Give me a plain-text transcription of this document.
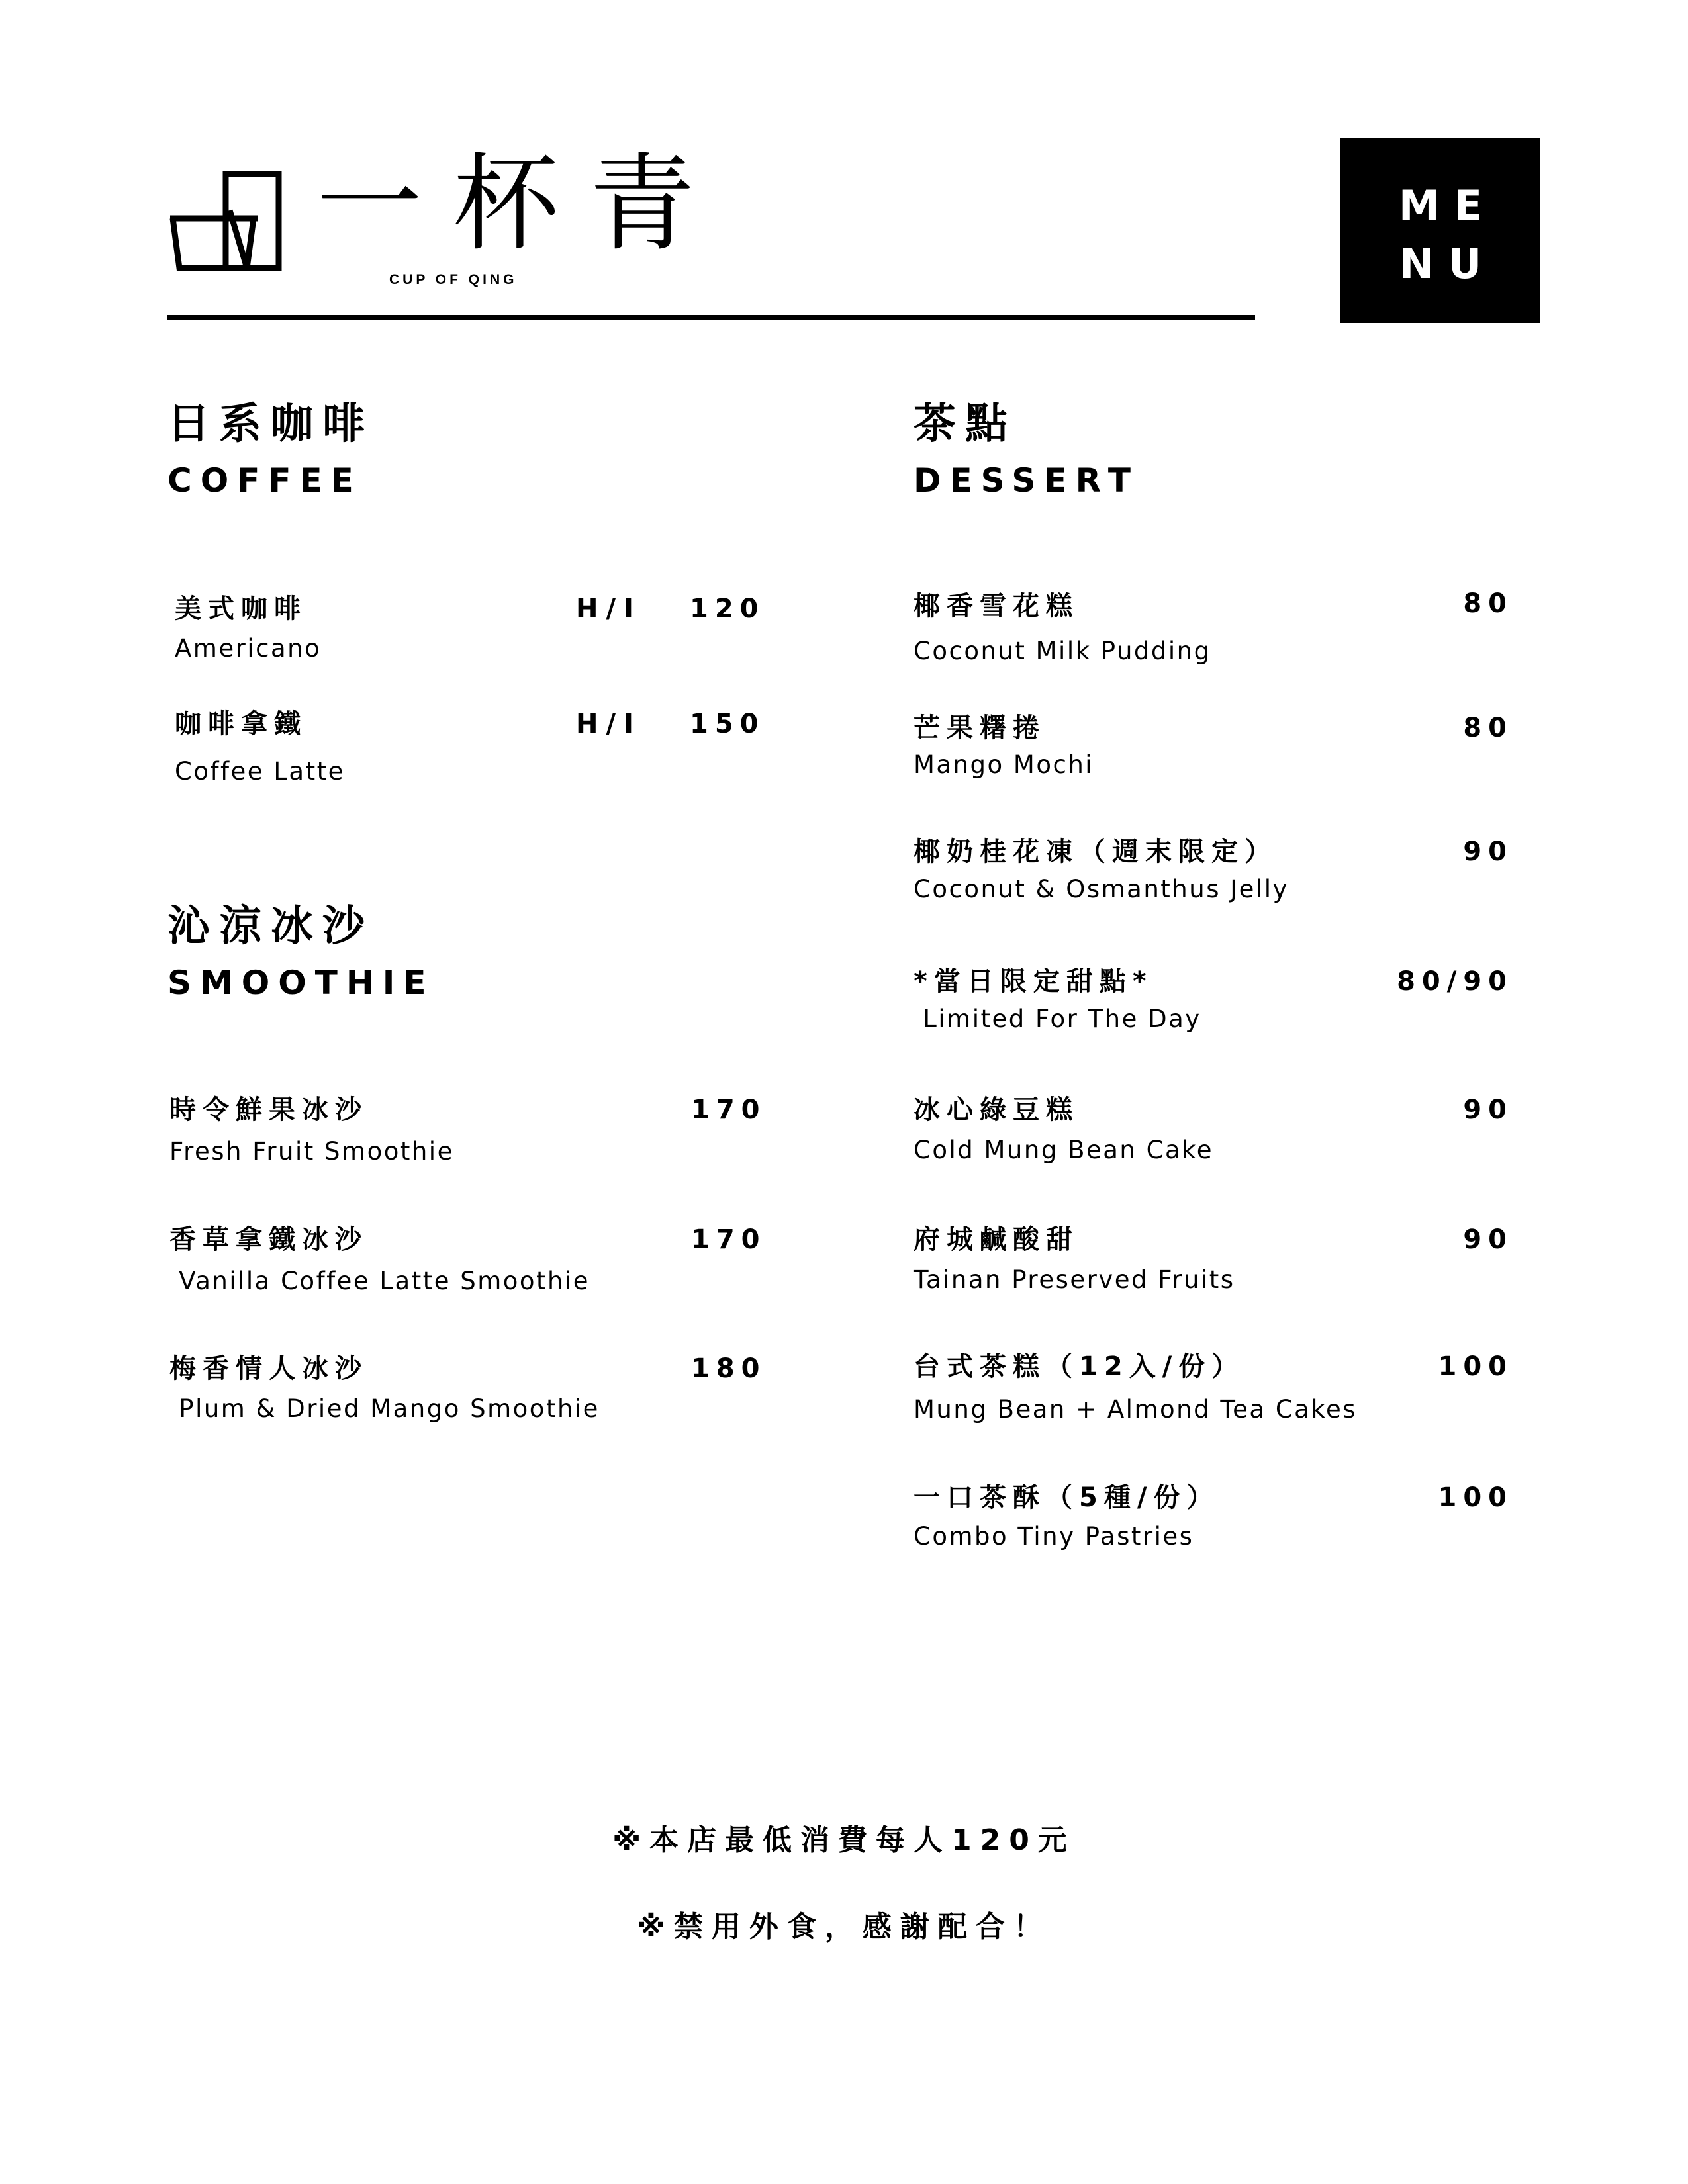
一杯青
CUP OF QING
ME
NU
日系咖啡
COFFEE
美式咖啡
Americano
H/I 120
咖啡拿鐵
Coffee Latte
H/I 150
沁涼冰沙
SMOOTHIE
時令鮮果冰沙
Fresh Fruit Smoothie
170
香草拿鐵冰沙
Vanilla Coffee Latte Smoothie
170
梅香情人冰沙
Plum & Dried Mango Smoothie
180
茶點
DESSERT
椰香雪花糕
Coconut Milk Pudding
80
芒果糬捲
Mango Mochi
80
椰奶桂花凍（週末限定）
Coconut & Osmanthus Jelly
90
*當日限定甜點*
Limited For The Day
80/90
冰心綠豆糕
Cold Mung Bean Cake
90
府城鹹酸甜
Tainan Preserved Fruits
90
台式茶糕（12入/份）
Mung Bean + Almond Tea Cakes
100
一口茶酥（5種/份）
Combo Tiny Pastries
100
※本店最低消費每人120元
※禁用外食，感謝配合！
